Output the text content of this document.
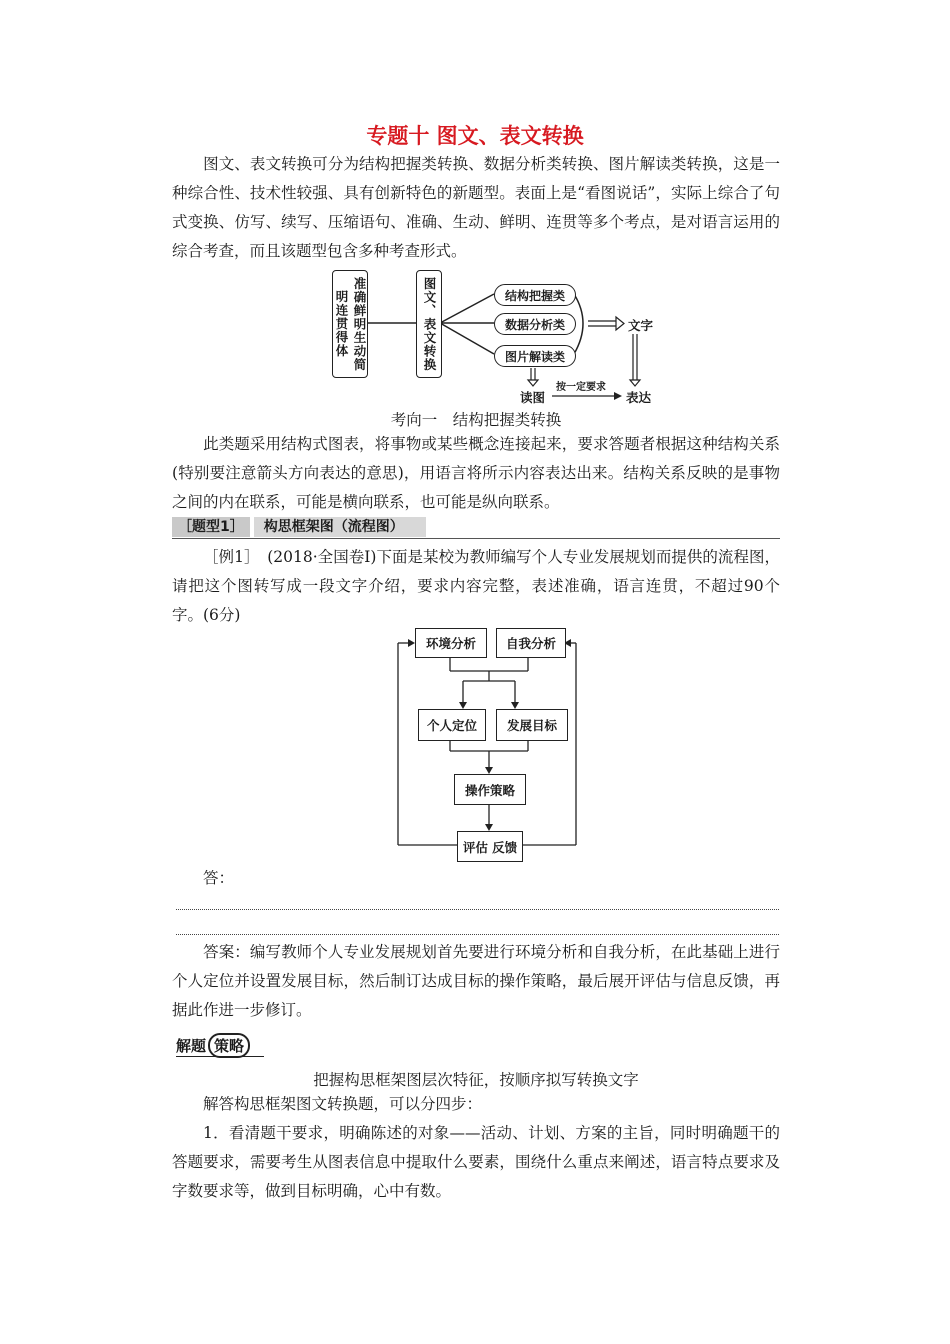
专题十 图文、表文转换
图文、表文转换可分为结构把握类转换、数据分析类转换、图片解读类转换，这是一种综合性、技术性较强、具有创新特色的新题型。表面上是“看图说话”，实际上综合了句式变换、仿写、续写、压缩语句、准确、生动、鲜明、连贯等多个考点，是对语言运用的综合考查，而且该题型包含多种考查形式。
准确鲜明生动简明连贯得体	图文、表文转换	结构把握类
数据分析类
图片解读类
文字
读图
按一定要求
表达
考向一　结构把握类转换
此类题采用结构式图表，将事物或某些概念连接起来，要求答题者根据这种结构关系(特别要注意箭头方向表达的意思)，用语言将所示内容表达出来。结构关系反映的是事物之间的内在联系，可能是横向联系，也可能是纵向联系。
［题型1］ 构思框架图（流程图）
［例1］　(2018·全国卷Ⅰ)下面是某校为教师编写个人专业发展规划而提供的流程图，请把这个图转写成一段文字介绍，要求内容完整，表述准确，语言连贯，不超过90个字。(6分)
环境分析	自我分析
个人定位	发展目标
操作策略
评估 反馈
答：
答案：编写教师个人专业发展规划首先要进行环境分析和自我分析，在此基础上进行个人定位并设置发展目标，然后制订达成目标的操作策略，最后展开评估与信息反馈，再据此作进一步修订。
解题 策略
把握构思框架图层次特征，按顺序拟写转换文字
解答构思框架图文转换题，可以分四步：
1．看清题干要求，明确陈述的对象——活动、计划、方案的主旨，同时明确题干的答题要求，需要考生从图表信息中提取什么要素，围绕什么重点来阐述，语言特点要求及字数要求等，做到目标明确，心中有数。
